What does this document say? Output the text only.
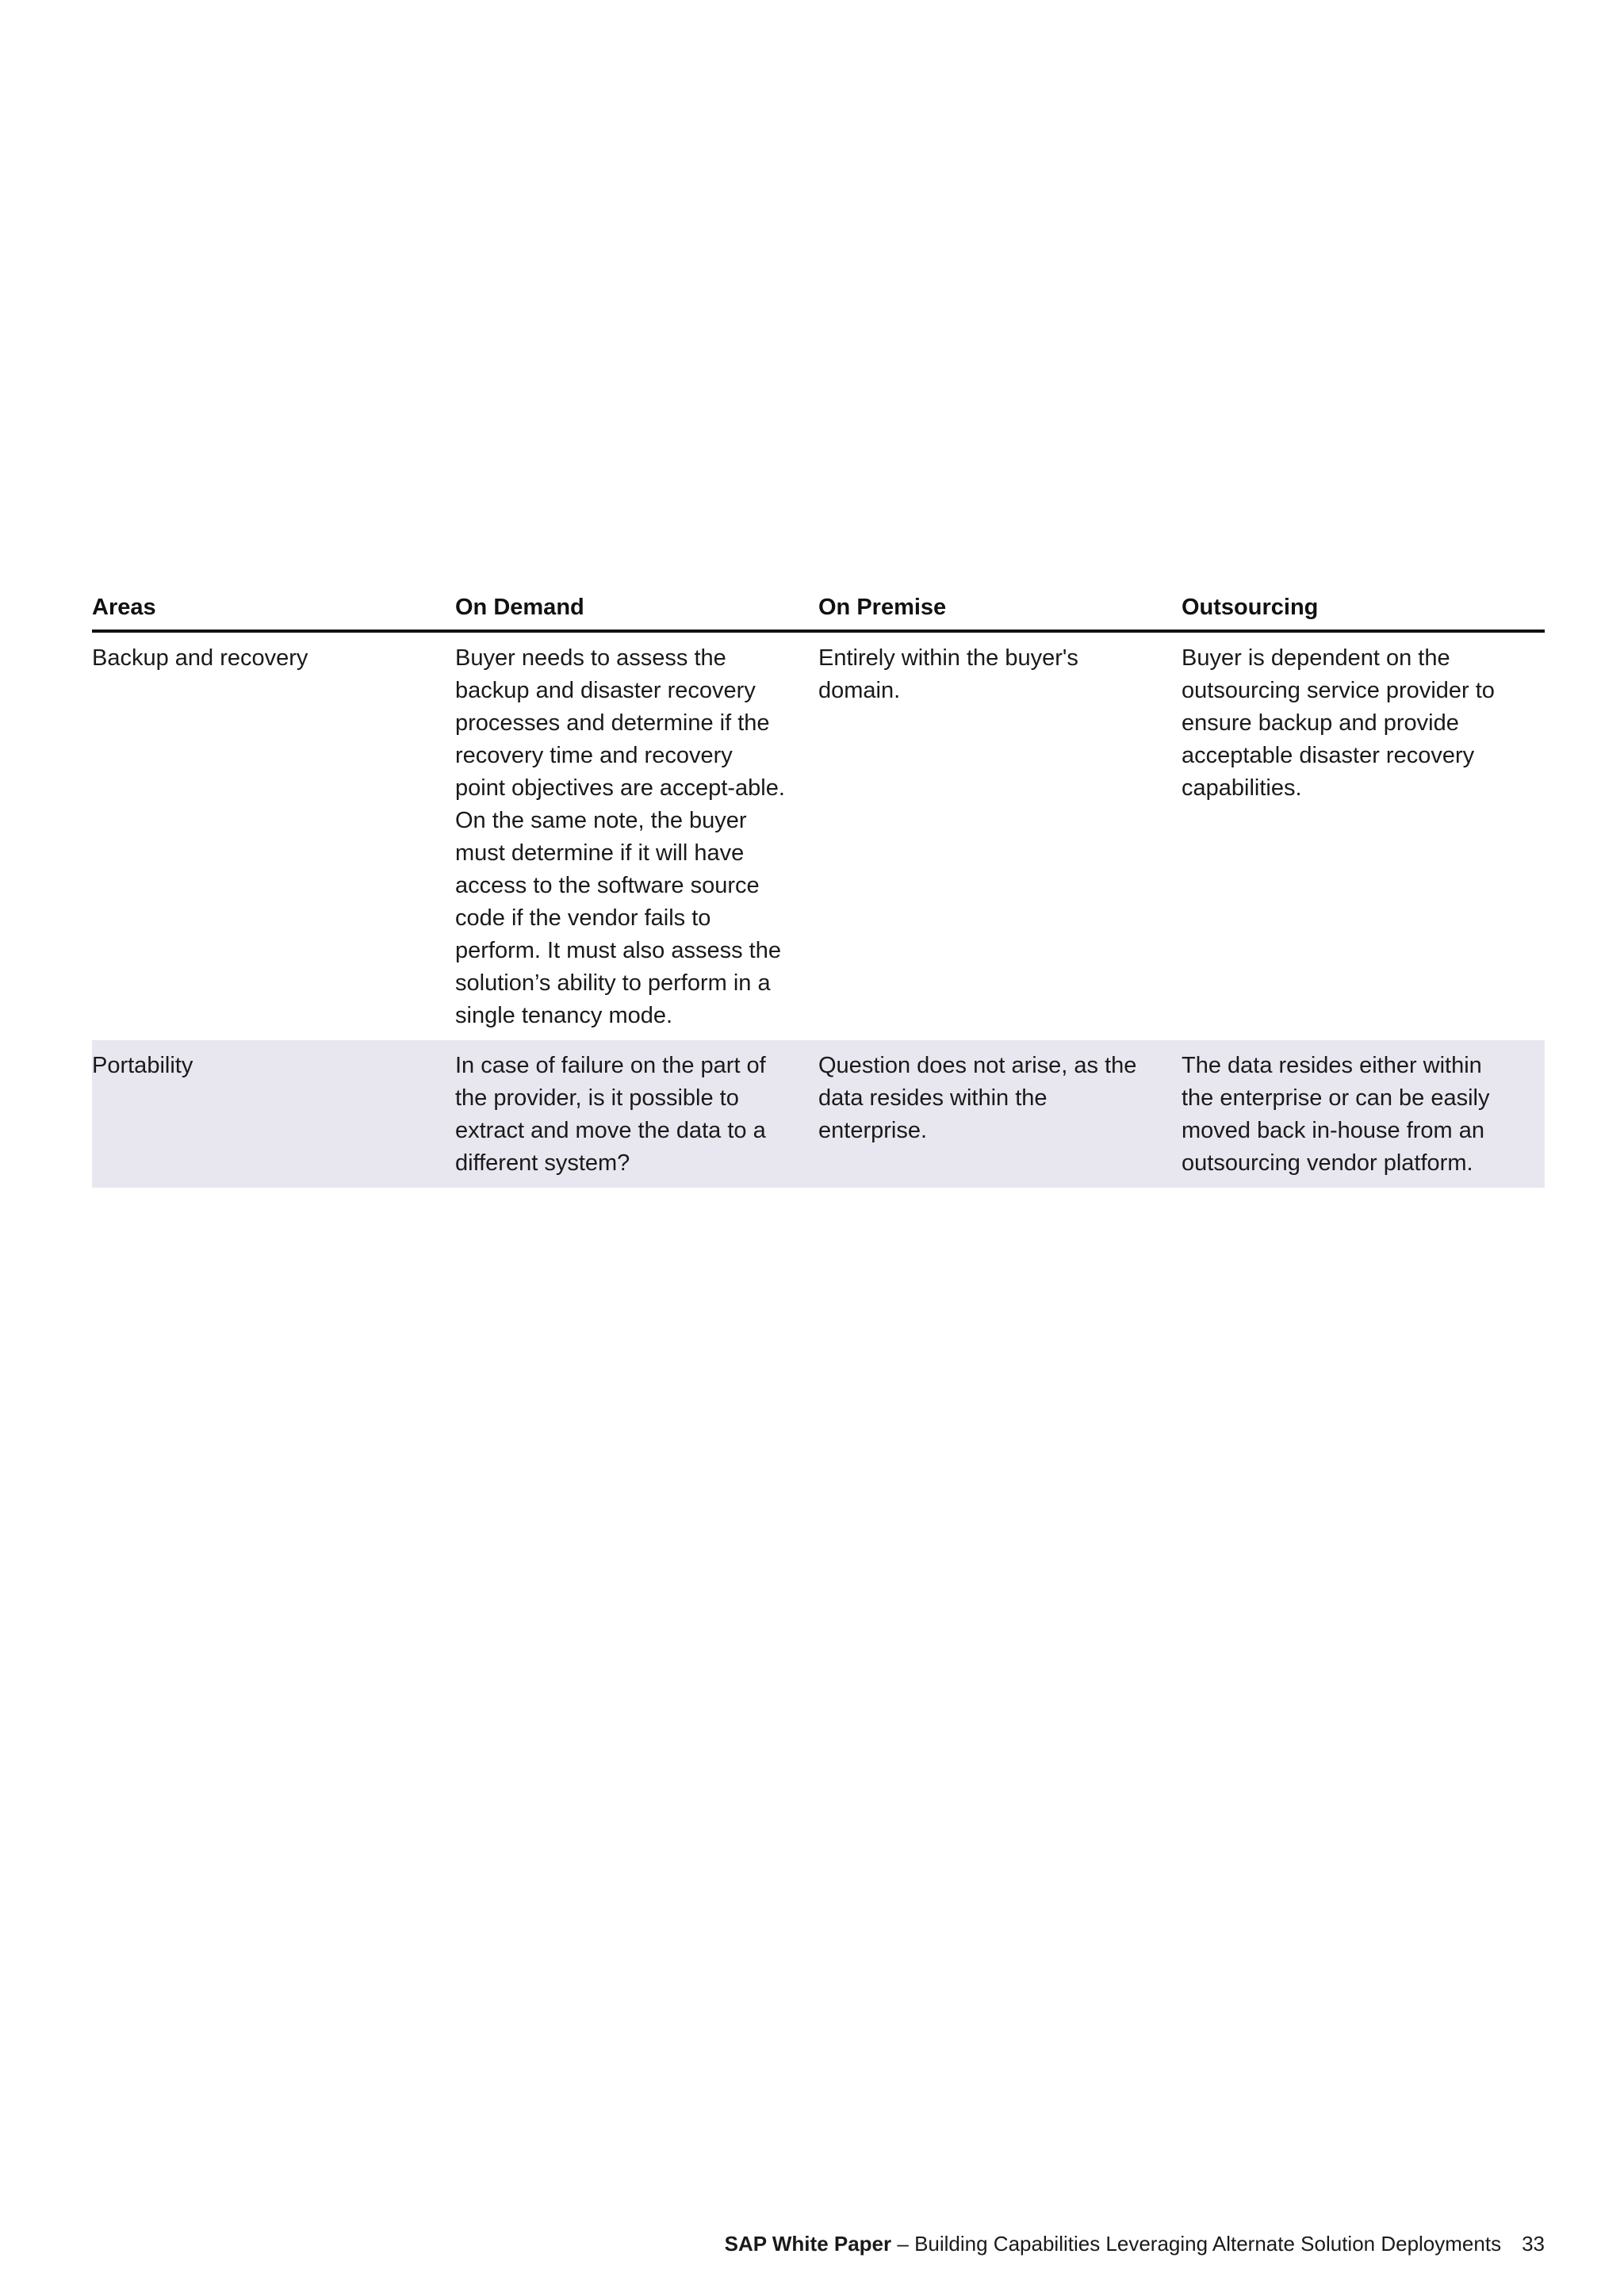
Areas	On Demand	On Premise	Outsourcing

Backup and recovery	Buyer needs to assess the backup and disaster recovery processes and determine if the recovery time and recovery point objectives are accept-able. On the same note, the buyer must determine if it will have access to the software source code if the vendor fails to perform. It must also assess the solution’s ability to perform in a single tenancy mode.	Entirely within the buyer's domain.	Buyer is dependent on the outsourcing service provider to ensure backup and provide acceptable disaster recovery capabilities.

Portability	In case of failure on the part of the provider, is it possible to extract and move the data to a different system?	Question does not arise, as the data resides within the enterprise.	The data resides either within the enterprise or can be easily moved back in-house from an outsourcing vendor platform.
SAP White Paper – Building Capabilities Leveraging Alternate Solution Deployments 33
